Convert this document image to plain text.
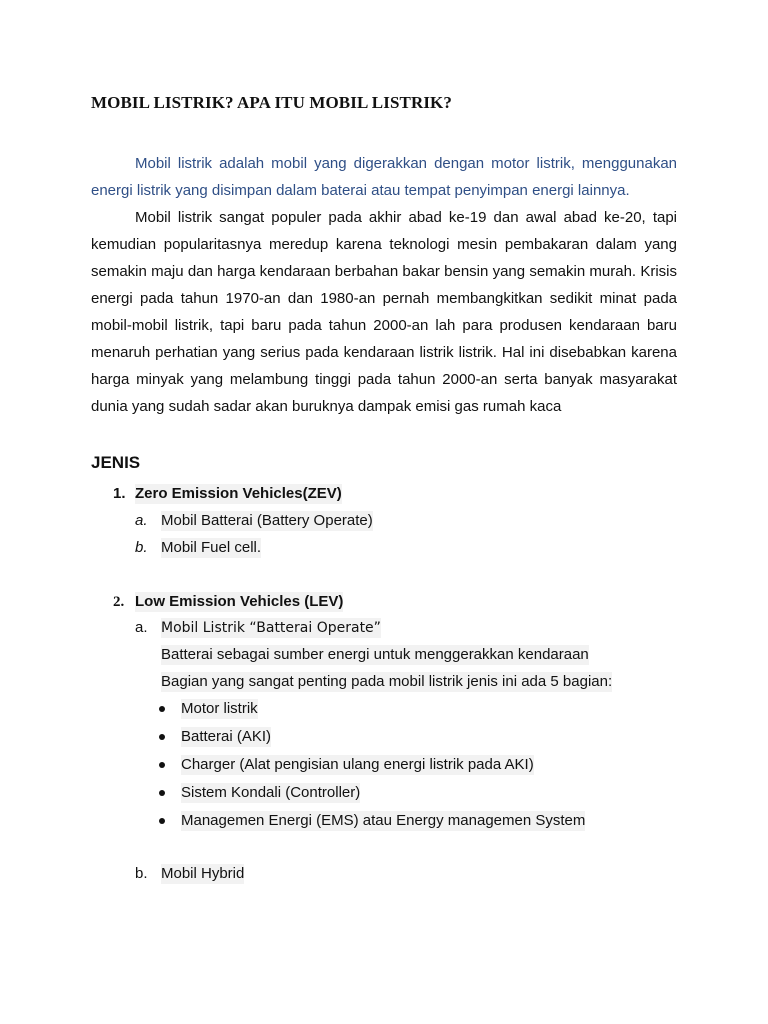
MOBIL LISTRIK? APA ITU MOBIL LISTRIK?
Mobil listrik adalah mobil yang digerakkan dengan motor listrik, menggunakan energi listrik yang disimpan dalam baterai atau tempat penyimpan energi lainnya.
Mobil listrik sangat populer pada akhir abad ke-19 dan awal abad ke-20, tapi kemudian popularitasnya meredup karena teknologi mesin pembakaran dalam yang semakin maju dan harga kendaraan berbahan bakar bensin yang semakin murah. Krisis energi pada tahun 1970-an dan 1980-an pernah membangkitkan sedikit minat pada mobil-mobil listrik, tapi baru pada tahun 2000-an lah para produsen kendaraan baru menaruh perhatian yang serius pada kendaraan listrik listrik. Hal ini disebabkan karena harga minyak yang melambung tinggi pada tahun 2000-an serta banyak masyarakat dunia yang sudah sadar akan buruknya dampak emisi gas rumah kaca
JENIS
1. Zero Emission Vehicles(ZEV)
a. Mobil Batterai (Battery Operate)
b. Mobil Fuel cell.
2. Low Emission Vehicles (LEV)
a. Mobil Listrik “Batterai Operate”
Batterai sebagai sumber energi untuk menggerakkan kendaraan
Bagian yang sangat penting pada mobil listrik jenis ini ada 5 bagian:
Motor listrik
Batterai (AKI)
Charger (Alat pengisian ulang energi listrik pada AKI)
Sistem Kondali (Controller)
Managemen Energi (EMS) atau Energy managemen System
b. Mobil Hybrid
